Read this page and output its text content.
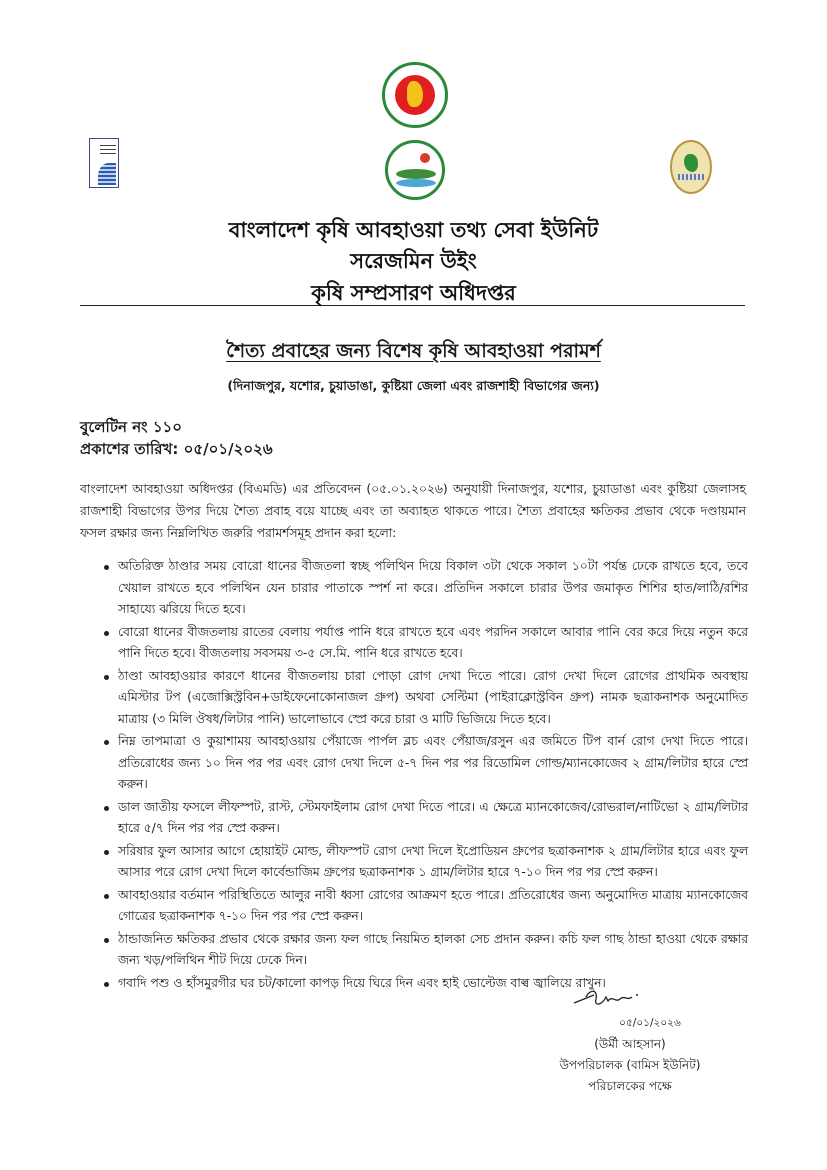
বাংলাদেশ কৃষি আবহাওয়া তথ্য সেবা ইউনিট
সরেজমিন উইং
কৃষি সম্প্রসারণ অধিদপ্তর
শৈত্য প্রবাহের জন্য বিশেষ কৃষি আবহাওয়া পরামর্শ
(দিনাজপুর, যশোর, চুয়াডাঙা, কুষ্টিয়া জেলা এবং রাজশাহী বিভাগের জন্য)
বুলেটিন নং ১১০
প্রকাশের তারিখ: ০৫/০১/২০২৬
বাংলাদেশ আবহাওয়া অধিদপ্তর (বিএমডি) এর প্রতিবেদন (০৫.০১.২০২৬) অনুযায়ী দিনাজপুর, যশোর, চুয়াডাঙা এবং কুষ্টিয়া জেলাসহ রাজশাহী বিভাগের উপর দিয়ে শৈত্য প্রবাহ বয়ে যাচ্ছে এবং তা অব্যাহত থাকতে পারে। শৈত্য প্রবাহের ক্ষতিকর প্রভাব থেকে দণ্ডায়মান ফসল রক্ষার জন্য নিম্নলিখিত জরুরি পরামর্শসমূহ প্রদান করা হলো:
অতিরিক্ত ঠাণ্ডার সময় বোরো ধানের বীজতলা স্বচ্ছ পলিথিন দিয়ে বিকাল ৩টা থেকে সকাল ১০টা পর্যন্ত ঢেকে রাখতে হবে, তবে খেয়াল রাখতে হবে পলিথিন যেন চারার পাতাকে স্পর্শ না করে। প্রতিদিন সকালে চারার উপর জমাকৃত শিশির হাত/লাঠি/রশির সাহায্যে ঝরিয়ে দিতে হবে।
বোরো ধানের বীজতলায় রাতের বেলায় পর্যাপ্ত পানি ধরে রাখতে হবে এবং পরদিন সকালে আবার পানি বের করে দিয়ে নতুন করে পানি দিতে হবে। বীজতলায় সবসময় ৩-৫ সে.মি. পানি ধরে রাখতে হবে।
ঠাণ্ডা আবহাওয়ার কারণে ধানের বীজতলায় চারা পোড়া রোগ দেখা দিতে পারে। রোগ দেখা দিলে রোগের প্রাথমিক অবস্থায় এমিস্টার টপ (এজোক্সিস্ট্রবিন+ডাইফেনোকোনাজল গ্রুপ) অথবা সেল্টিমা (পাইরাক্লোস্ট্রবিন গ্রুপ) নামক ছত্রাকনাশক অনুমোদিত মাত্রায় (৩ মিলি ঔষধ/লিটার পানি) ভালোভাবে স্প্রে করে চারা ও মাটি ভিজিয়ে দিতে হবে।
নিম্ন তাপমাত্রা ও কুয়াশাময় আবহাওয়ায় পেঁয়াজে পার্পল ব্লচ এবং পেঁয়াজ/রসুন এর জমিতে টিপ বার্ন রোগ দেখা দিতে পারে। প্রতিরোধের জন্য ১০ দিন পর পর এবং রোগ দেখা দিলে ৫-৭ দিন পর পর রিডোমিল গোল্ড/ম্যানকোজেব ২ গ্রাম/লিটার হারে স্প্রে করুন।
ডাল জাতীয় ফসলে লীফস্পট, রাস্ট, স্টেমফাইলাম রোগ দেখা দিতে পারে। এ ক্ষেত্রে ম্যানকোজেব/রোভরাল/নাটিভো ২ গ্রাম/লিটার হারে ৫/৭ দিন পর পর স্প্রে করুন।
সরিষার ফুল আসার আগে হোয়াইট মোল্ড, লীফস্পট রোগ দেখা দিলে ইপ্রোডিয়ন গ্রুপের ছত্রাকনাশক ২ গ্রাম/লিটার হারে এবং ফুল আসার পরে রোগ দেখা দিলে কার্বেন্ডাজিম গ্রুপের ছত্রাকনাশক ১ গ্রাম/লিটার হারে ৭-১০ দিন পর পর স্প্রে করুন।
আবহাওয়ার বর্তমান পরিস্থিতিতে আলুর নাবী ধ্বসা রোগের আক্রমণ হতে পারে। প্রতিরোধের জন্য অনুমোদিত মাত্রায় ম্যানকোজেব গোত্রের ছত্রাকনাশক ৭-১০ দিন পর পর স্প্রে করুন।
ঠান্ডাজনিত ক্ষতিকর প্রভাব থেকে রক্ষার জন্য ফল গাছে নিয়মিত হালকা সেচ প্রদান করুন। কচি ফল গাছ ঠান্ডা হাওয়া থেকে রক্ষার জন্য খড়/পলিথিন শীট দিয়ে ঢেকে দিন।
গবাদি পশু ও হাঁসমুরগীর ঘর চট/কালো কাপড় দিয়ে ঘিরে দিন এবং হাই ভোল্টেজ বাল্ব জ্বালিয়ে রাখুন।
০৫/০১/২০২৬
(উর্মী আহসান)
উপপরিচালক (বামিস ইউনিট)
পরিচালকের পক্ষে
